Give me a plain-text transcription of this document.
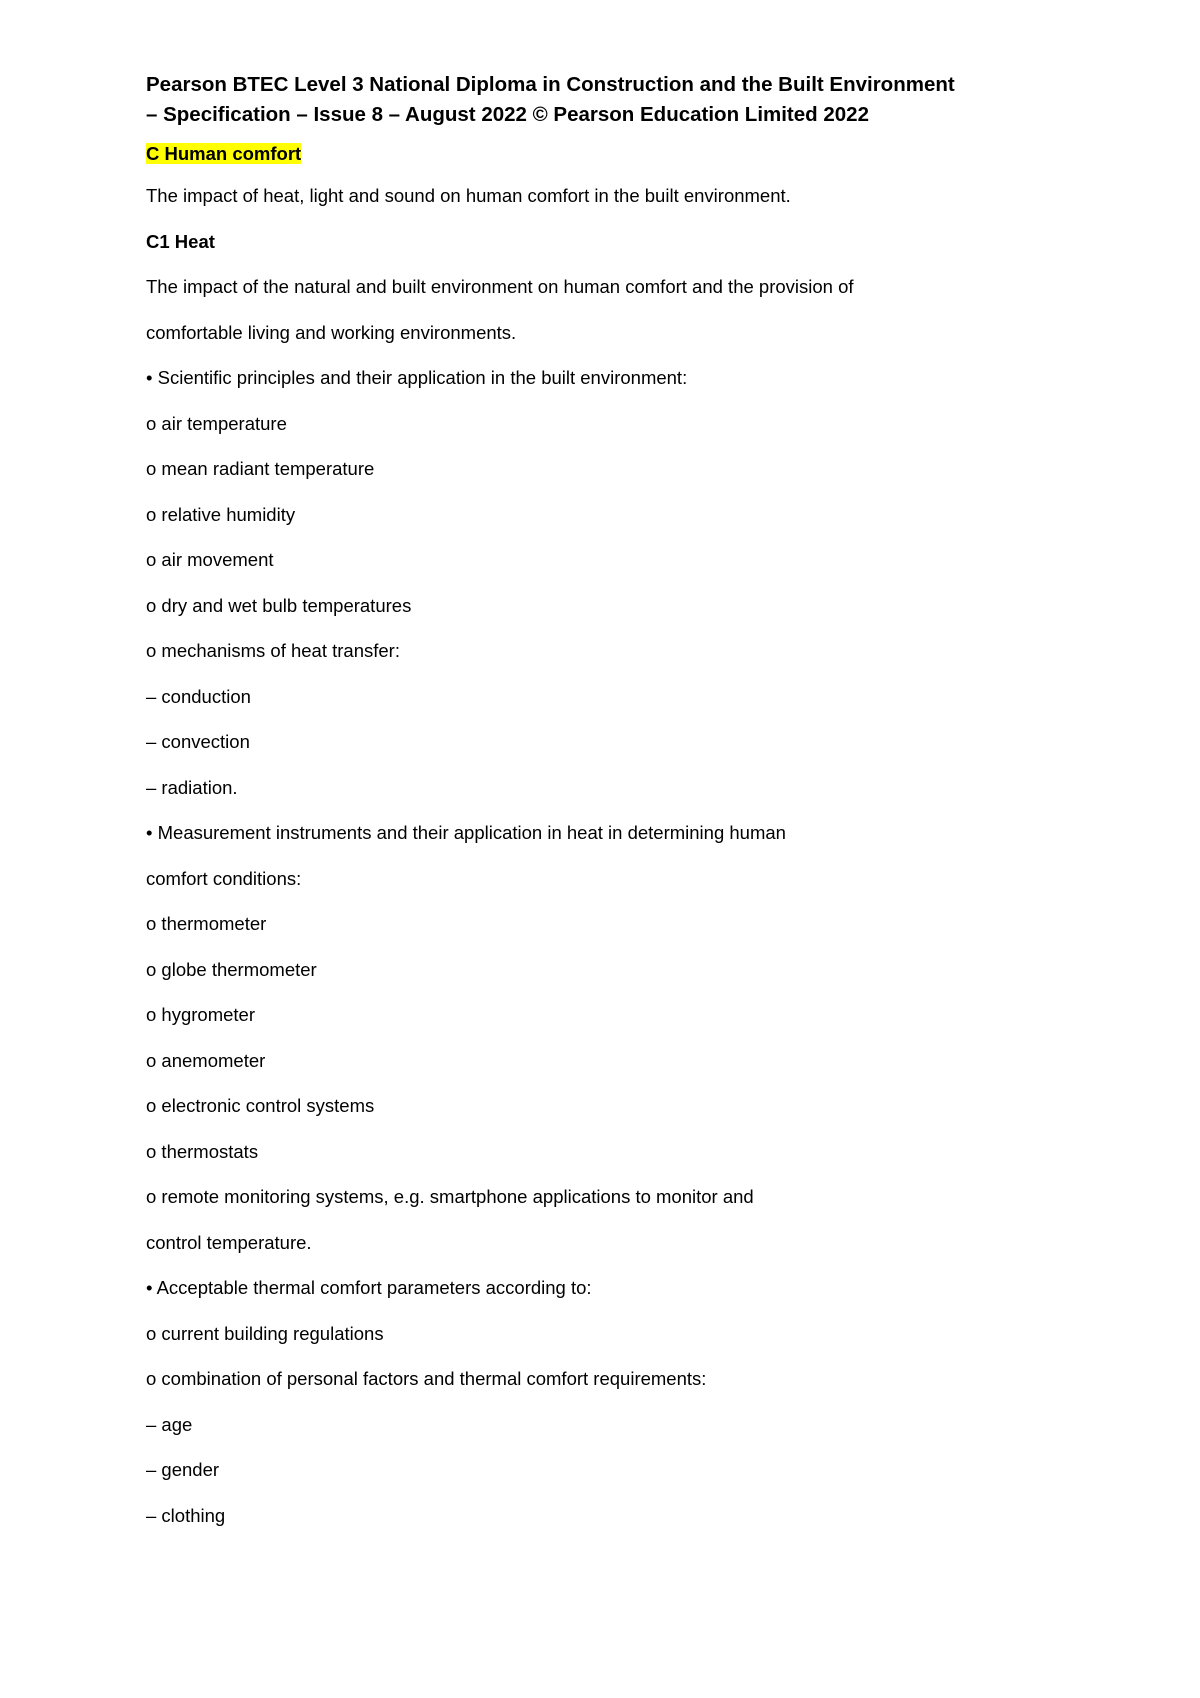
Pearson BTEC Level 3 National Diploma in Construction and the Built Environment

– Specification – Issue 8 – August 2022 © Pearson Education Limited 2022

C Human comfort

The impact of heat, light and sound on human comfort in the built environment.

C1 Heat

The impact of the natural and built environment on human comfort and the provision of

comfortable living and working environments.

• Scientific principles and their application in the built environment:

o air temperature

o mean radiant temperature

o relative humidity

o air movement

o dry and wet bulb temperatures

o mechanisms of heat transfer:

– conduction

– convection

– radiation.

• Measurement instruments and their application in heat in determining human

comfort conditions:

o thermometer

o globe thermometer

o hygrometer

o anemometer

o electronic control systems

o thermostats

o remote monitoring systems, e.g. smartphone applications to monitor and

control temperature.

• Acceptable thermal comfort parameters according to:

o current building regulations

o combination of personal factors and thermal comfort requirements:

– age

– gender

– clothing
